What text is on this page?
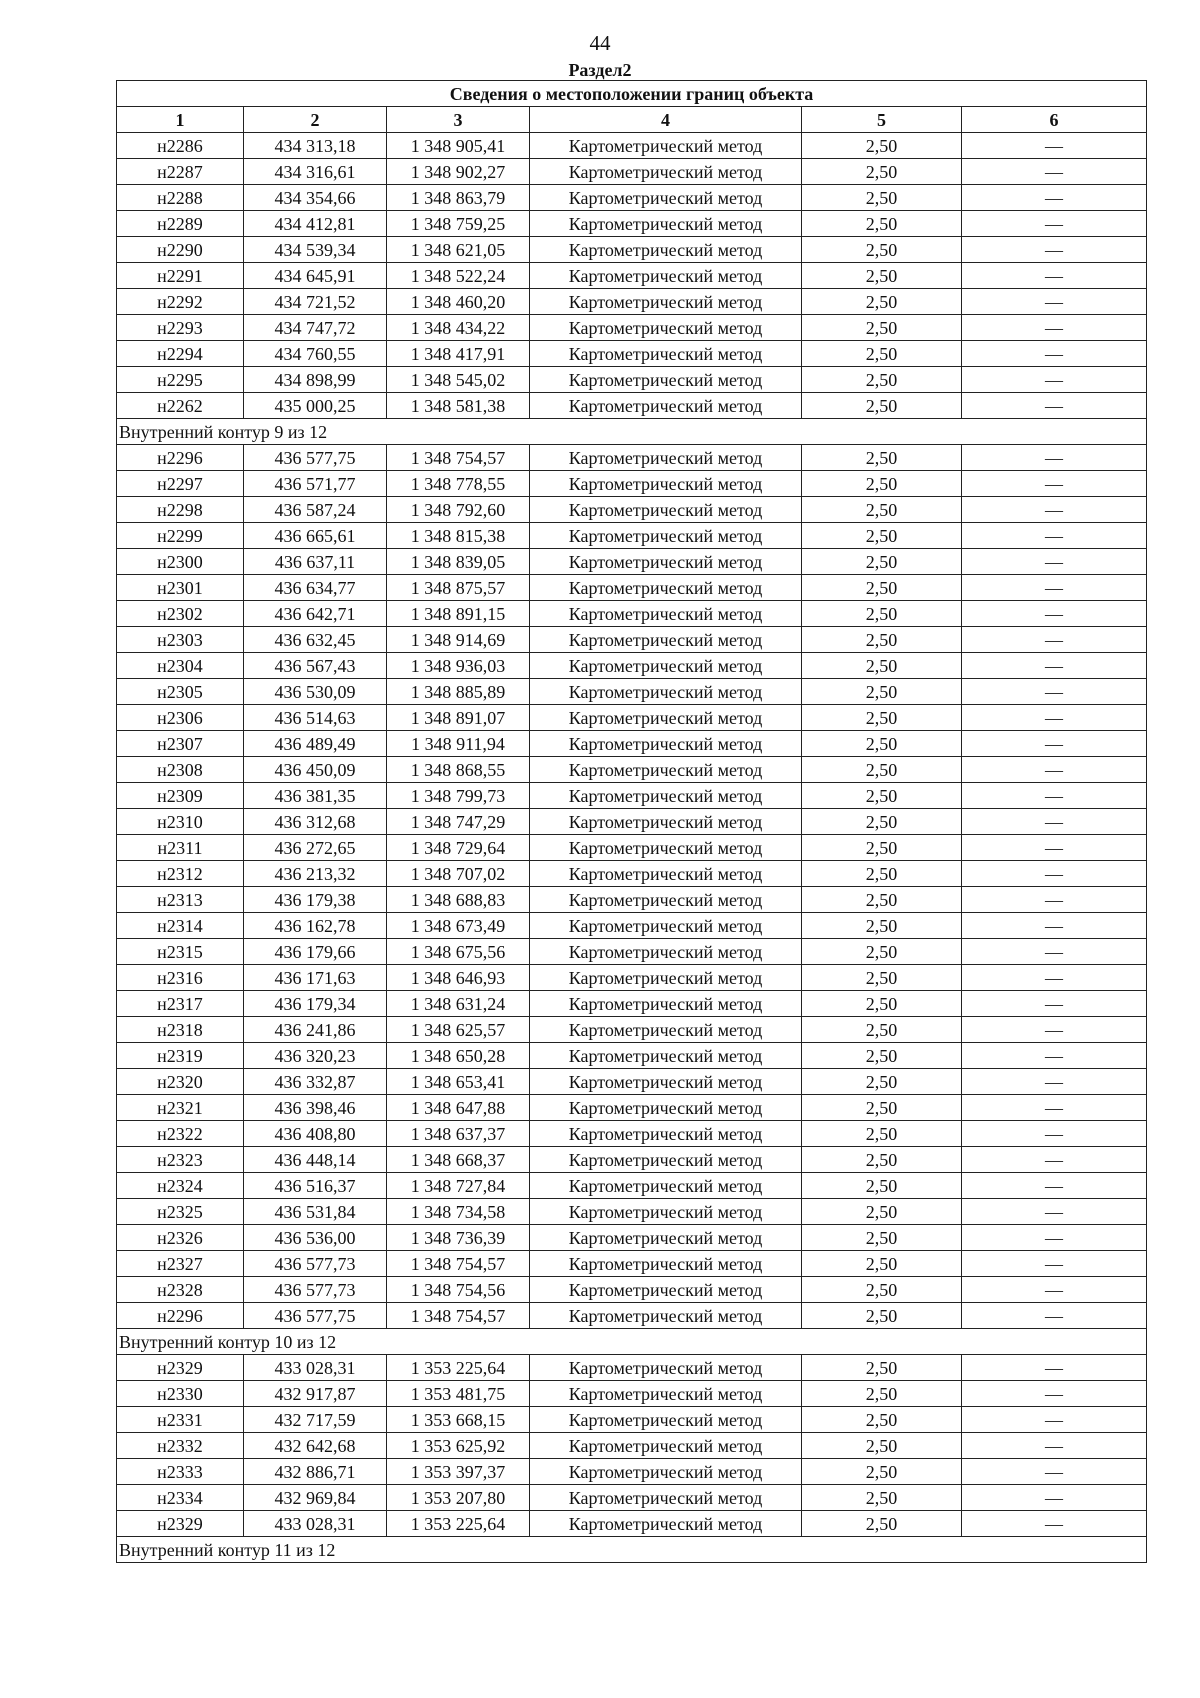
44
Раздел2
Сведения о местоположении границ объекта					
1	2	3	4	5	6
н2286	434 313,18	1 348 905,41	Картометрический метод	2,50	—
н2287	434 316,61	1 348 902,27	Картометрический метод	2,50	—
н2288	434 354,66	1 348 863,79	Картометрический метод	2,50	—
н2289	434 412,81	1 348 759,25	Картометрический метод	2,50	—
н2290	434 539,34	1 348 621,05	Картометрический метод	2,50	—
н2291	434 645,91	1 348 522,24	Картометрический метод	2,50	—
н2292	434 721,52	1 348 460,20	Картометрический метод	2,50	—
н2293	434 747,72	1 348 434,22	Картометрический метод	2,50	—
н2294	434 760,55	1 348 417,91	Картометрический метод	2,50	—
н2295	434 898,99	1 348 545,02	Картометрический метод	2,50	—
н2262	435 000,25	1 348 581,38	Картометрический метод	2,50	—
Внутренний контур 9 из 12					
н2296	436 577,75	1 348 754,57	Картометрический метод	2,50	—
н2297	436 571,77	1 348 778,55	Картометрический метод	2,50	—
н2298	436 587,24	1 348 792,60	Картометрический метод	2,50	—
н2299	436 665,61	1 348 815,38	Картометрический метод	2,50	—
н2300	436 637,11	1 348 839,05	Картометрический метод	2,50	—
н2301	436 634,77	1 348 875,57	Картометрический метод	2,50	—
н2302	436 642,71	1 348 891,15	Картометрический метод	2,50	—
н2303	436 632,45	1 348 914,69	Картометрический метод	2,50	—
н2304	436 567,43	1 348 936,03	Картометрический метод	2,50	—
н2305	436 530,09	1 348 885,89	Картометрический метод	2,50	—
н2306	436 514,63	1 348 891,07	Картометрический метод	2,50	—
н2307	436 489,49	1 348 911,94	Картометрический метод	2,50	—
н2308	436 450,09	1 348 868,55	Картометрический метод	2,50	—
н2309	436 381,35	1 348 799,73	Картометрический метод	2,50	—
н2310	436 312,68	1 348 747,29	Картометрический метод	2,50	—
н2311	436 272,65	1 348 729,64	Картометрический метод	2,50	—
н2312	436 213,32	1 348 707,02	Картометрический метод	2,50	—
н2313	436 179,38	1 348 688,83	Картометрический метод	2,50	—
н2314	436 162,78	1 348 673,49	Картометрический метод	2,50	—
н2315	436 179,66	1 348 675,56	Картометрический метод	2,50	—
н2316	436 171,63	1 348 646,93	Картометрический метод	2,50	—
н2317	436 179,34	1 348 631,24	Картометрический метод	2,50	—
н2318	436 241,86	1 348 625,57	Картометрический метод	2,50	—
н2319	436 320,23	1 348 650,28	Картометрический метод	2,50	—
н2320	436 332,87	1 348 653,41	Картометрический метод	2,50	—
н2321	436 398,46	1 348 647,88	Картометрический метод	2,50	—
н2322	436 408,80	1 348 637,37	Картометрический метод	2,50	—
н2323	436 448,14	1 348 668,37	Картометрический метод	2,50	—
н2324	436 516,37	1 348 727,84	Картометрический метод	2,50	—
н2325	436 531,84	1 348 734,58	Картометрический метод	2,50	—
н2326	436 536,00	1 348 736,39	Картометрический метод	2,50	—
н2327	436 577,73	1 348 754,57	Картометрический метод	2,50	—
н2328	436 577,73	1 348 754,56	Картометрический метод	2,50	—
н2296	436 577,75	1 348 754,57	Картометрический метод	2,50	—
Внутренний контур 10 из 12					
н2329	433 028,31	1 353 225,64	Картометрический метод	2,50	—
н2330	432 917,87	1 353 481,75	Картометрический метод	2,50	—
н2331	432 717,59	1 353 668,15	Картометрический метод	2,50	—
н2332	432 642,68	1 353 625,92	Картометрический метод	2,50	—
н2333	432 886,71	1 353 397,37	Картометрический метод	2,50	—
н2334	432 969,84	1 353 207,80	Картометрический метод	2,50	—
н2329	433 028,31	1 353 225,64	Картометрический метод	2,50	—
Внутренний контур 11 из 12					
